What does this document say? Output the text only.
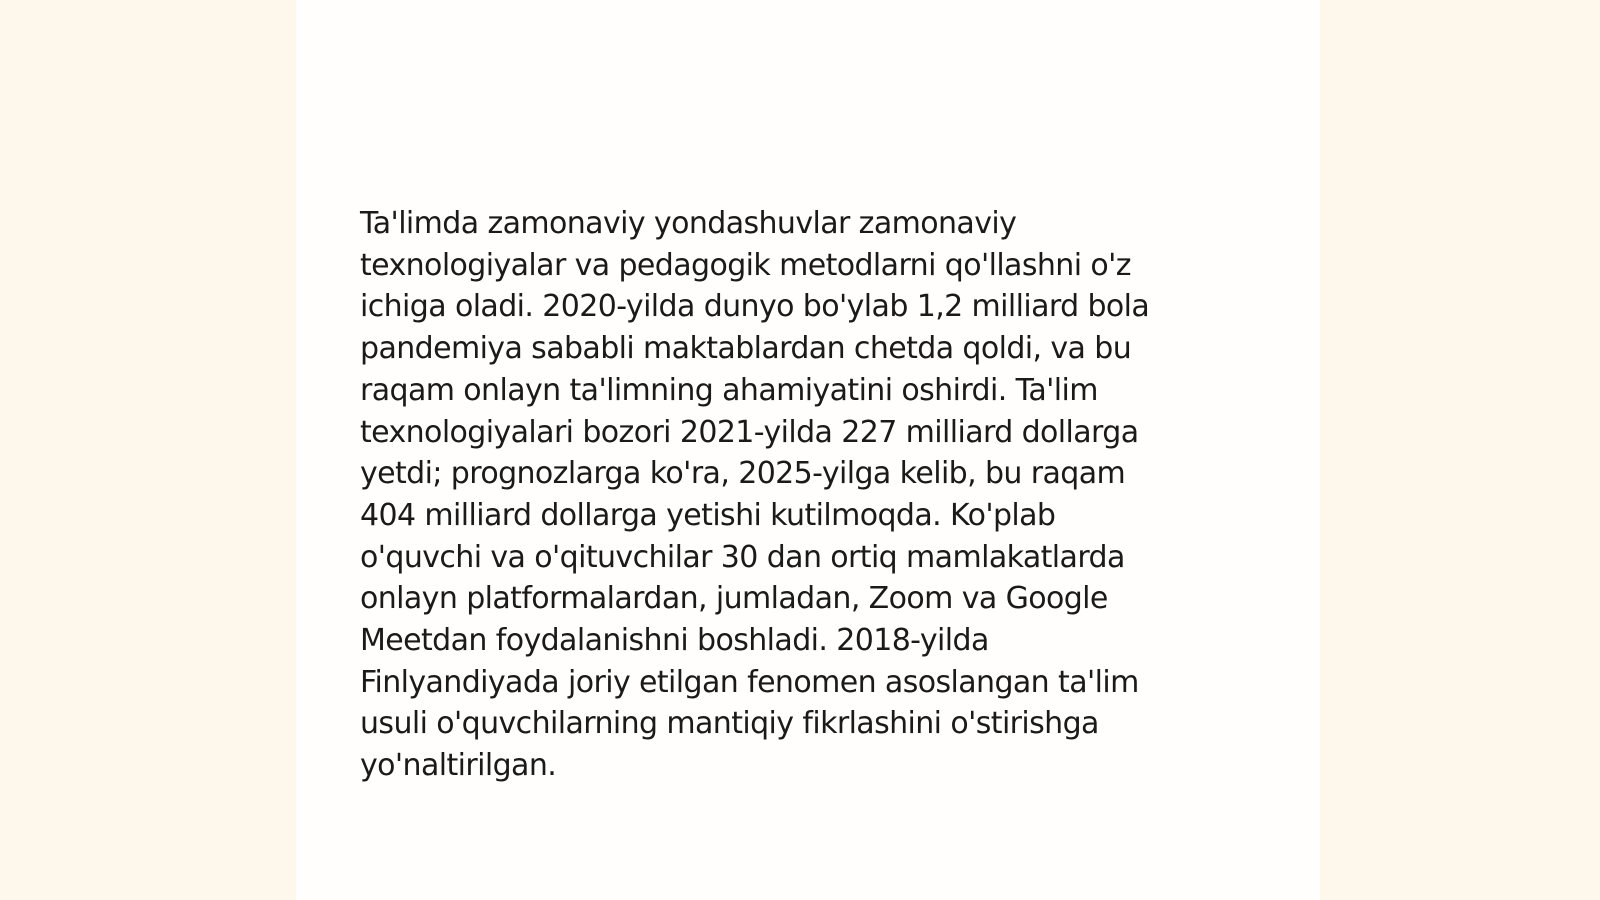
Ta'limda zamonaviy yondashuvlar zamonaviy
texnologiyalar va pedagogik metodlarni qo'llashni o'z
ichiga oladi. 2020-yilda dunyo bo'ylab 1,2 milliard bola
pandemiya sababli maktablardan chetda qoldi, va bu
raqam onlayn ta'limning ahamiyatini oshirdi. Ta'lim
texnologiyalari bozori 2021-yilda 227 milliard dollarga
yetdi; prognozlarga ko'ra, 2025-yilga kelib, bu raqam
404 milliard dollarga yetishi kutilmoqda. Ko'plab
o'quvchi va o'qituvchilar 30 dan ortiq mamlakatlarda
onlayn platformalardan, jumladan, Zoom va Google
Meetdan foydalanishni boshladi. 2018-yilda
Finlyandiyada joriy etilgan fenomen asoslangan ta'lim
usuli o'quvchilarning mantiqiy fikrlashini o'stirishga
yo'naltirilgan.
